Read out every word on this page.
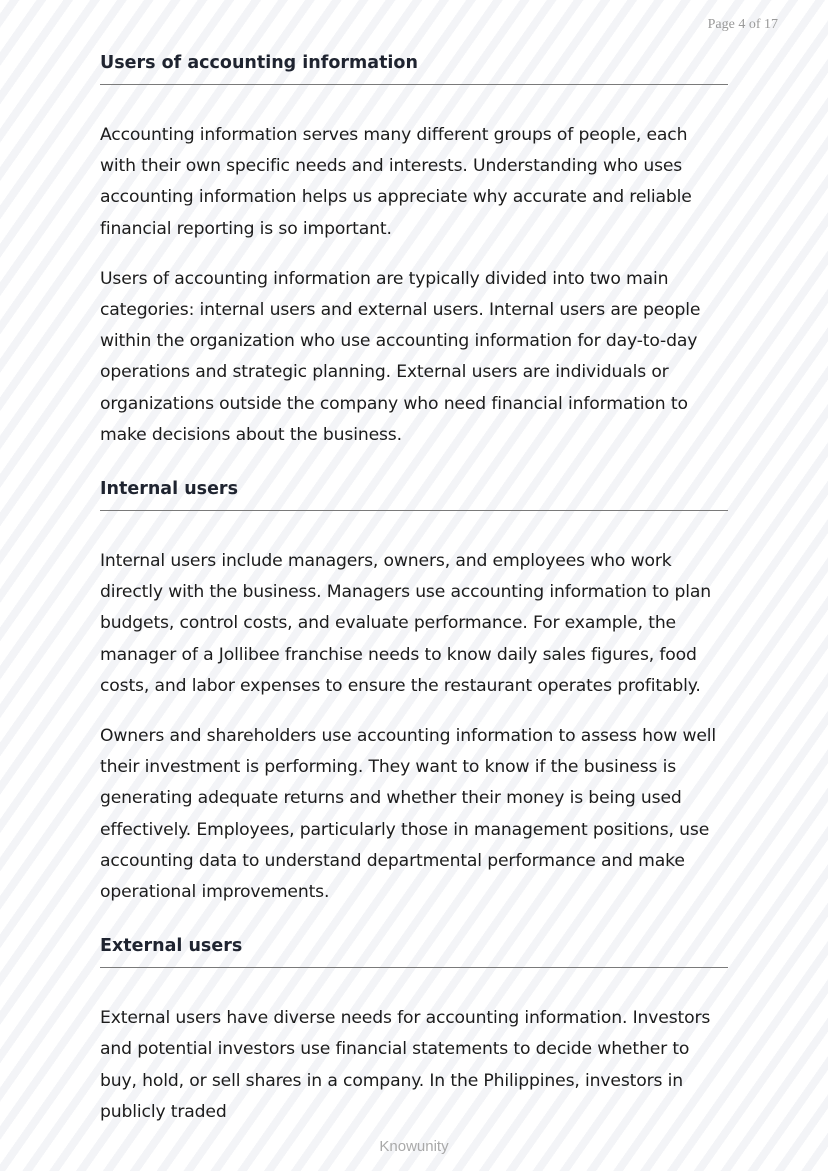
Page 4 of 17
Users of accounting information

Accounting information serves many different groups of people, each with their own specific needs and interests. Understanding who uses accounting information helps us appreciate why accurate and reliable financial reporting is so important.

Users of accounting information are typically divided into two main categories: internal users and external users. Internal users are people within the organization who use accounting information for day-to-day operations and strategic planning. External users are individuals or organizations outside the company who need financial information to make decisions about the business.

Internal users

Internal users include managers, owners, and employees who work directly with the business. Managers use accounting information to plan budgets, control costs, and evaluate performance. For example, the manager of a Jollibee franchise needs to know daily sales figures, food costs, and labor expenses to ensure the restaurant operates profitably.

Owners and shareholders use accounting information to assess how well their investment is performing. They want to know if the business is generating adequate returns and whether their money is being used effectively. Employees, particularly those in management positions, use accounting data to understand departmental performance and make operational improvements.

External users

External users have diverse needs for accounting information. Investors and potential investors use financial statements to decide whether to buy, hold, or sell shares in a company. In the Philippines, investors in publicly traded

Knowunity
